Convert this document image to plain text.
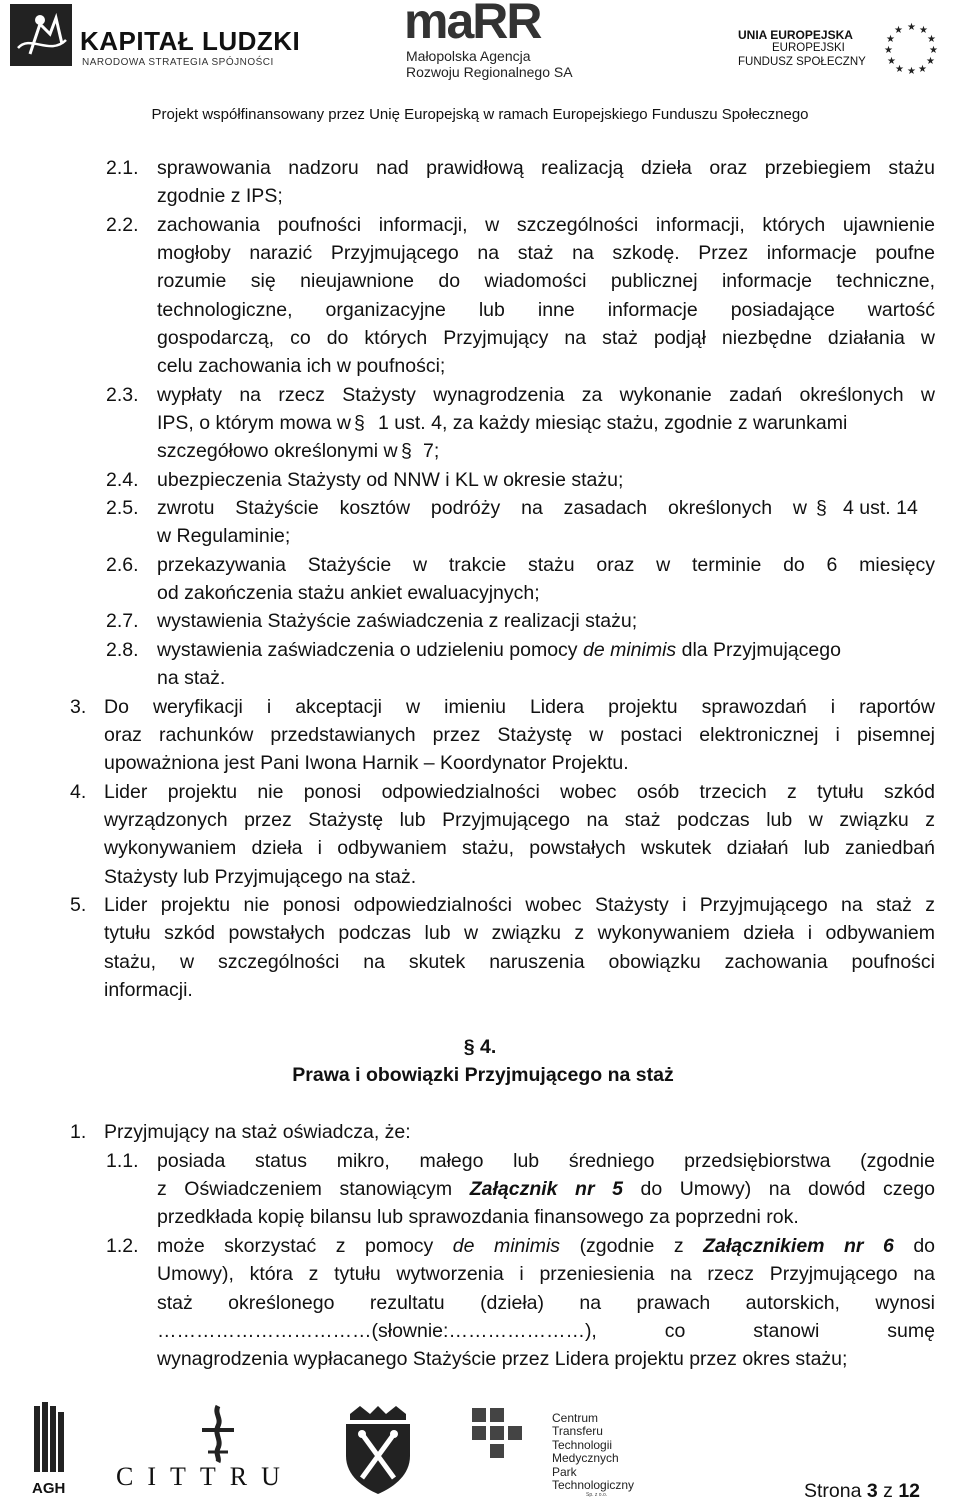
KAPITAŁ LUDZKI
NARODOWA STRATEGIA SPÓJNOŚCI
maRR
Małopolska Agencja
Rozwoju Regionalnego SA
UNIA EUROPEJSKA
EUROPEJSKI
FUNDUSZ SPOŁECZNY
★ ★
★
★
★
★
★
★
★
★
★
★
Projekt współfinansowany przez Unię Europejską w ramach Europejskiego Funduszu Społecznego
2.1. sprawowania nadzoru nad prawidłową realizacją dzieła oraz przebiegiem stażu
zgodnie z IPS;
2.2. zachowania poufności informacji, w szczególności informacji, których ujawnienie
mogłoby narazić Przyjmującego na staż na szkodę. Przez informacje poufne
rozumie się nieujawnione do wiadomości publicznej informacje techniczne,
technologiczne, organizacyjne lub inne informacje posiadające wartość
gospodarczą, co do których Przyjmujący na staż podjął niezbędne działania w
celu zachowania ich w poufności;
2.3. wypłaty na rzecz Stażysty wynagrodzenia za wykonanie zadań określonych w
IPS, o którym mowa w § 1 ust. 4, za każdy miesiąc stażu, zgodnie z warunkami
szczegółowo określonymi w § 7;
2.4. ubezpieczenia Stażysty od NNW i KL w okresie stażu;
2.5. zwrotu Stażyście kosztów podróży na zasadach określonych w § 4 ust. 14
w Regulaminie;
2.6. przekazywania Stażyście w trakcie stażu oraz w terminie do 6 miesięcy
od zakończenia stażu ankiet ewaluacyjnych;
2.7. wystawienia Stażyście zaświadczenia z realizacji stażu;
2.8. wystawienia zaświadczenia o udzieleniu pomocy de minimis dla Przyjmującego
na staż.
3. Do weryfikacji i akceptacji w imieniu Lidera projektu sprawozdań i raportów
oraz rachunków przedstawianych przez Stażystę w postaci elektronicznej i pisemnej
upoważniona jest Pani Iwona Harnik – Koordynator Projektu.
4. Lider projektu nie ponosi odpowiedzialności wobec osób trzecich z tytułu szkód
wyrządzonych przez Stażystę lub Przyjmującego na staż podczas lub w związku z
wykonywaniem dzieła i odbywaniem stażu, powstałych wskutek działań lub zaniedbań
Stażysty lub Przyjmującego na staż.
5. Lider projektu nie ponosi odpowiedzialności wobec Stażysty i Przyjmującego na staż z
tytułu szkód powstałych podczas lub w związku z wykonywaniem dzieła i odbywaniem
stażu, w szczególności na skutek naruszenia obowiązku zachowania poufności
informacji.
§ 4.
Prawa i obowiązki Przyjmującego na staż
1. Przyjmujący na staż oświadcza, że:
1.1. posiada status mikro, małego lub średniego przedsiębiorstwa (zgodnie
z Oświadczeniem stanowiącym Załącznik nr 5 do Umowy) na dowód czego
przedkłada kopię bilansu lub sprawozdania finansowego za poprzedni rok.
1.2. może skorzystać z pomocy de minimis (zgodnie z Załącznikiem nr 6 do
Umowy), która z tytułu wytworzenia i przeniesienia na rzecz Przyjmującego na
staż określonego rezultatu (dzieła) na prawach autorskich, wynosi
……………………………(słownie:…………………), co stanowi sumę
wynagrodzenia wypłacanego Stażyście przez Lidera projektu przez okres stażu;
AGH CITTRU
Centrum
Transferu
Technologii
Medycznych
Park
Technologiczny
Sp. z o.o.	Strona 3 z 12
